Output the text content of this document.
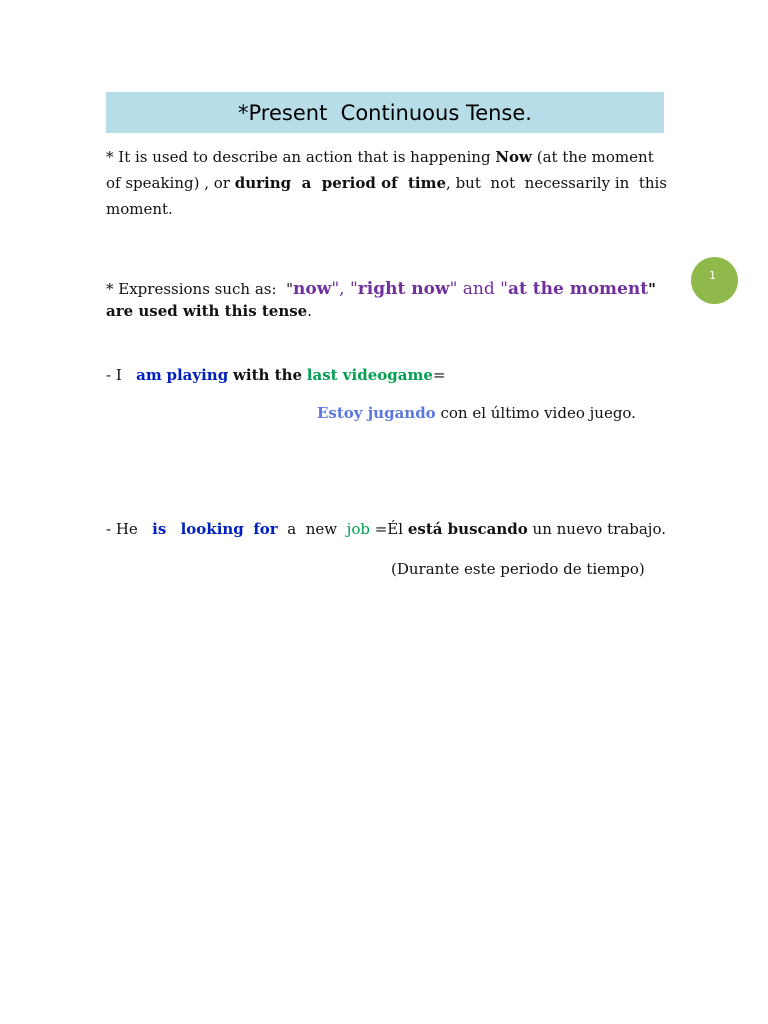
*Present  Continuous Tense.
1
* It is used to describe an action that is happening Now (at the moment
of speaking) , or during  a  period of  time, but  not  necessarily in  this
moment.
* Expressions such as:  "now", "right now" and "at the moment"
are used with this tense.
- I   am playing with the last videogame=
Estoy jugando con el último video juego.
- He   is looking for a  new job =Él está buscando un nuevo trabajo.
(Durante este periodo de tiempo)
